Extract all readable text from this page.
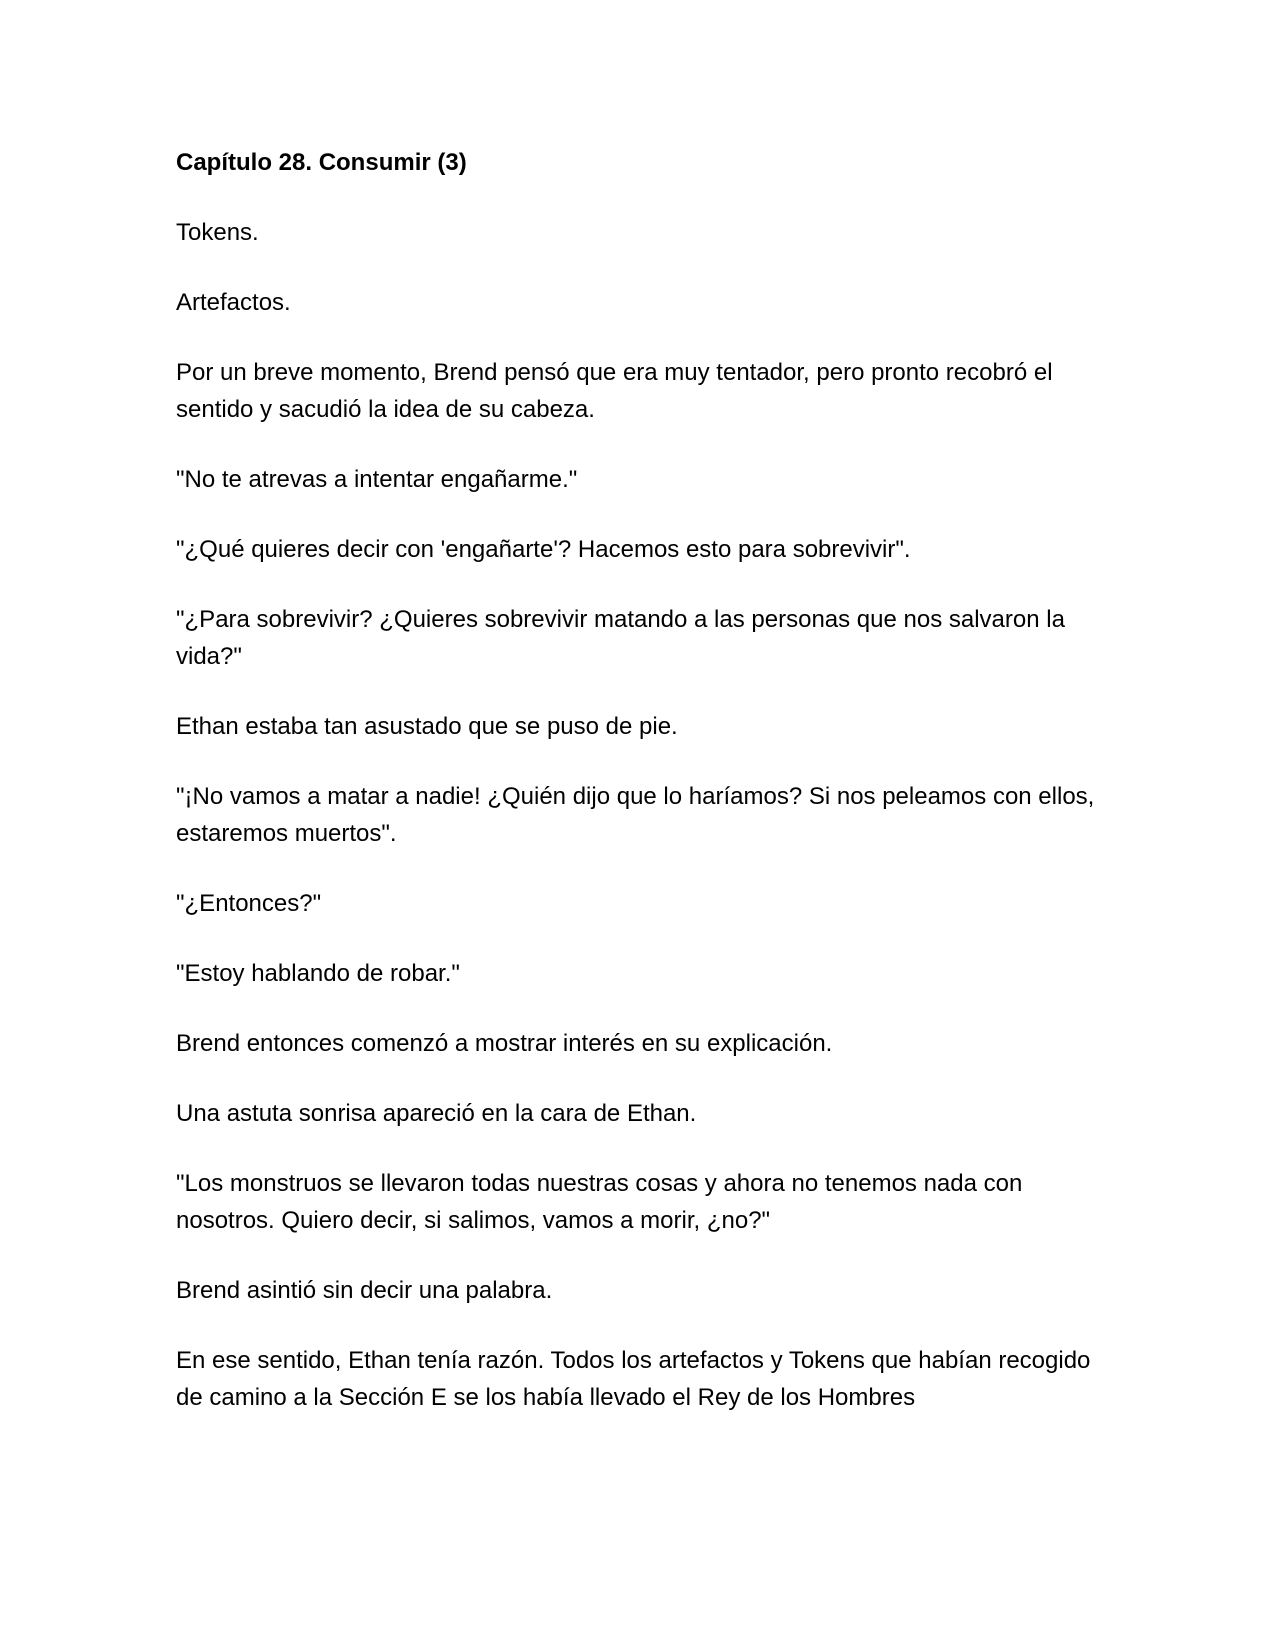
Capítulo 28. Consumir (3)

Tokens.

Artefactos.

Por un breve momento, Brend pensó que era muy tentador, pero pronto recobró el sentido y sacudió la idea de su cabeza.

"No te atrevas a intentar engañarme."

"¿Qué quieres decir con 'engañarte'? Hacemos esto para sobrevivir".

"¿Para sobrevivir? ¿Quieres sobrevivir matando a las personas que nos salvaron la vida?"

Ethan estaba tan asustado que se puso de pie.

"¡No vamos a matar a nadie! ¿Quién dijo que lo haríamos? Si nos peleamos con ellos, estaremos muertos".

"¿Entonces?"

"Estoy hablando de robar."

Brend entonces comenzó a mostrar interés en su explicación.

Una astuta sonrisa apareció en la cara de Ethan.

"Los monstruos se llevaron todas nuestras cosas y ahora no tenemos nada con nosotros. Quiero decir, si salimos, vamos a morir, ¿no?"

Brend asintió sin decir una palabra.

En ese sentido, Ethan tenía razón. Todos los artefactos y Tokens que habían recogido de camino a la Sección E se los había llevado el Rey de los Hombres
